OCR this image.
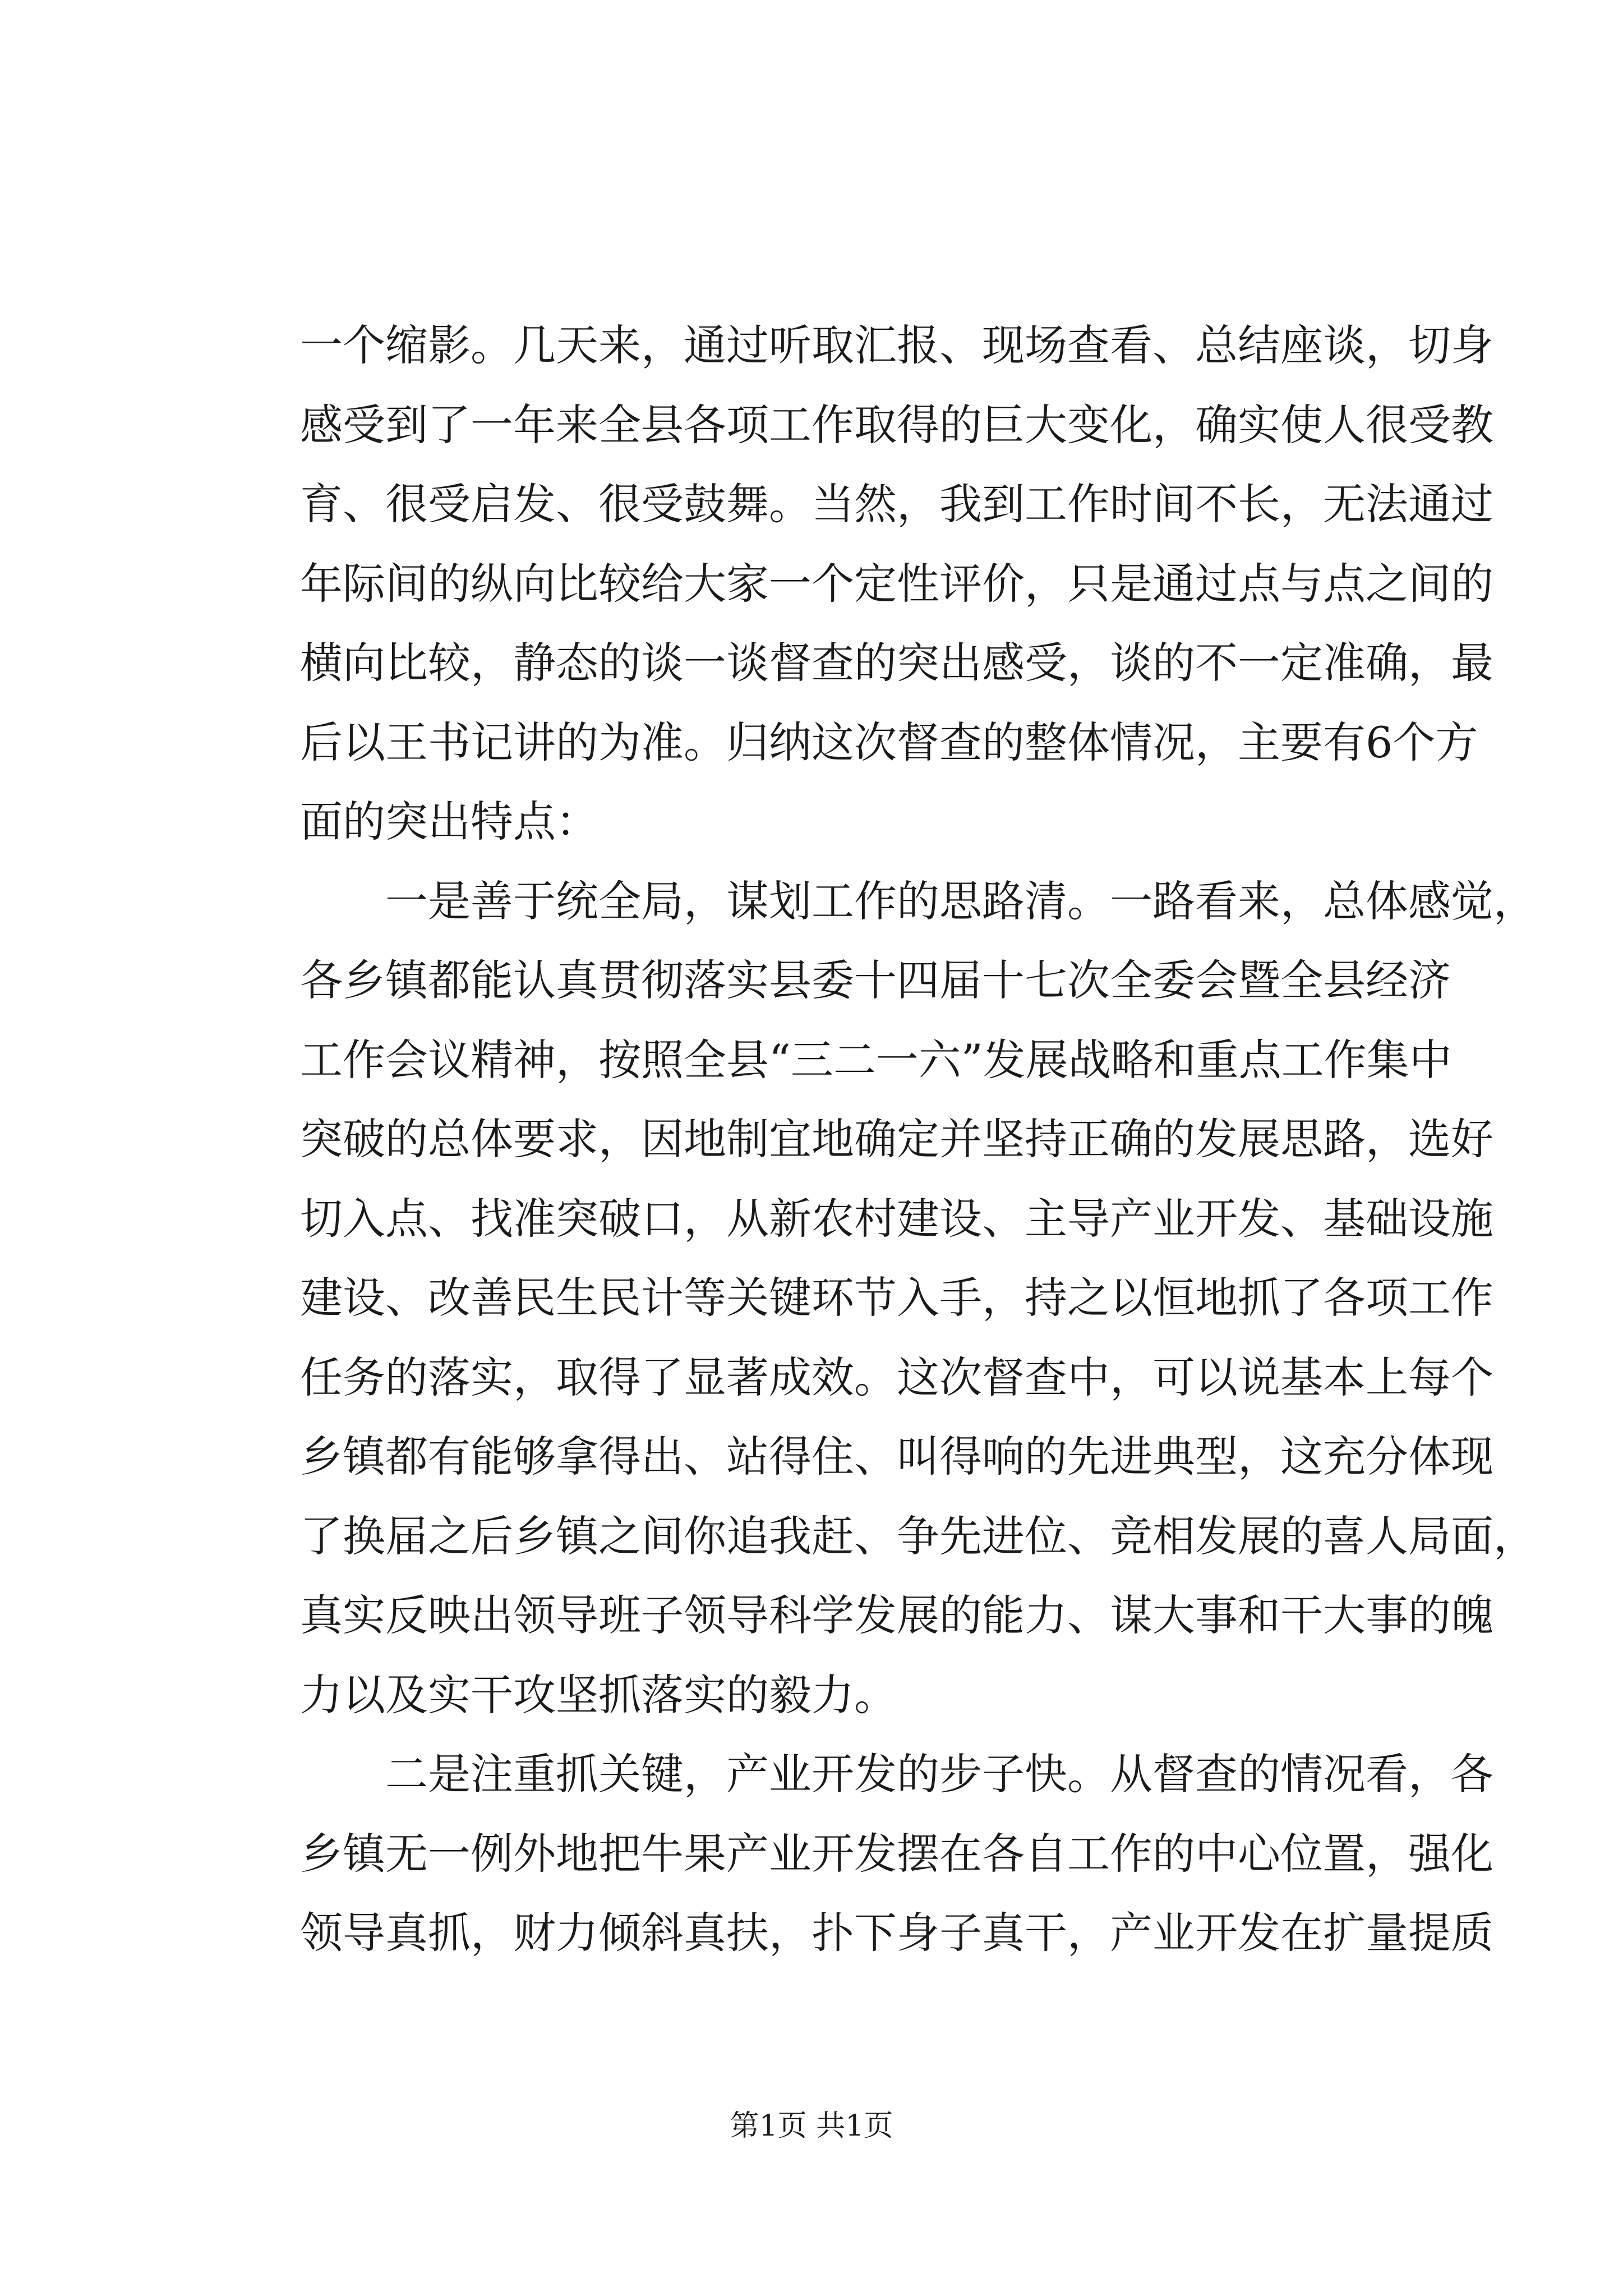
一个缩影。几天来，通过听取汇报、现场查看、总结座谈，切身
感受到了一年来全县各项工作取得的巨大变化，确实使人很受教
育、很受启发、很受鼓舞。当然，我到工作时间不长，无法通过
年际间的纵向比较给大家一个定性评价，只是通过点与点之间的
横向比较，静态的谈一谈督查的突出感受，谈的不一定准确，最
后以王书记讲的为准。归纳这次督查的整体情况，主要有6个方
面的突出特点：
一是善于统全局，谋划工作的思路清。一路看来，总体感觉，
各乡镇都能认真贯彻落实县委十四届十七次全委会暨全县经济
工作会议精神，按照全县“三二一六”发展战略和重点工作集中
突破的总体要求，因地制宜地确定并坚持正确的发展思路，选好
切入点、找准突破口，从新农村建设、主导产业开发、基础设施
建设、改善民生民计等关键环节入手，持之以恒地抓了各项工作
任务的落实，取得了显著成效。这次督查中，可以说基本上每个
乡镇都有能够拿得出、站得住、叫得响的先进典型，这充分体现
了换届之后乡镇之间你追我赶、争先进位、竞相发展的喜人局面，
真实反映出领导班子领导科学发展的能力、谋大事和干大事的魄
力以及实干攻坚抓落实的毅力。
二是注重抓关键，产业开发的步子快。从督查的情况看，各
乡镇无一例外地把牛果产业开发摆在各自工作的中心位置，强化
领导真抓，财力倾斜真扶，扑下身子真干，产业开发在扩量提质
第1页 共1页
